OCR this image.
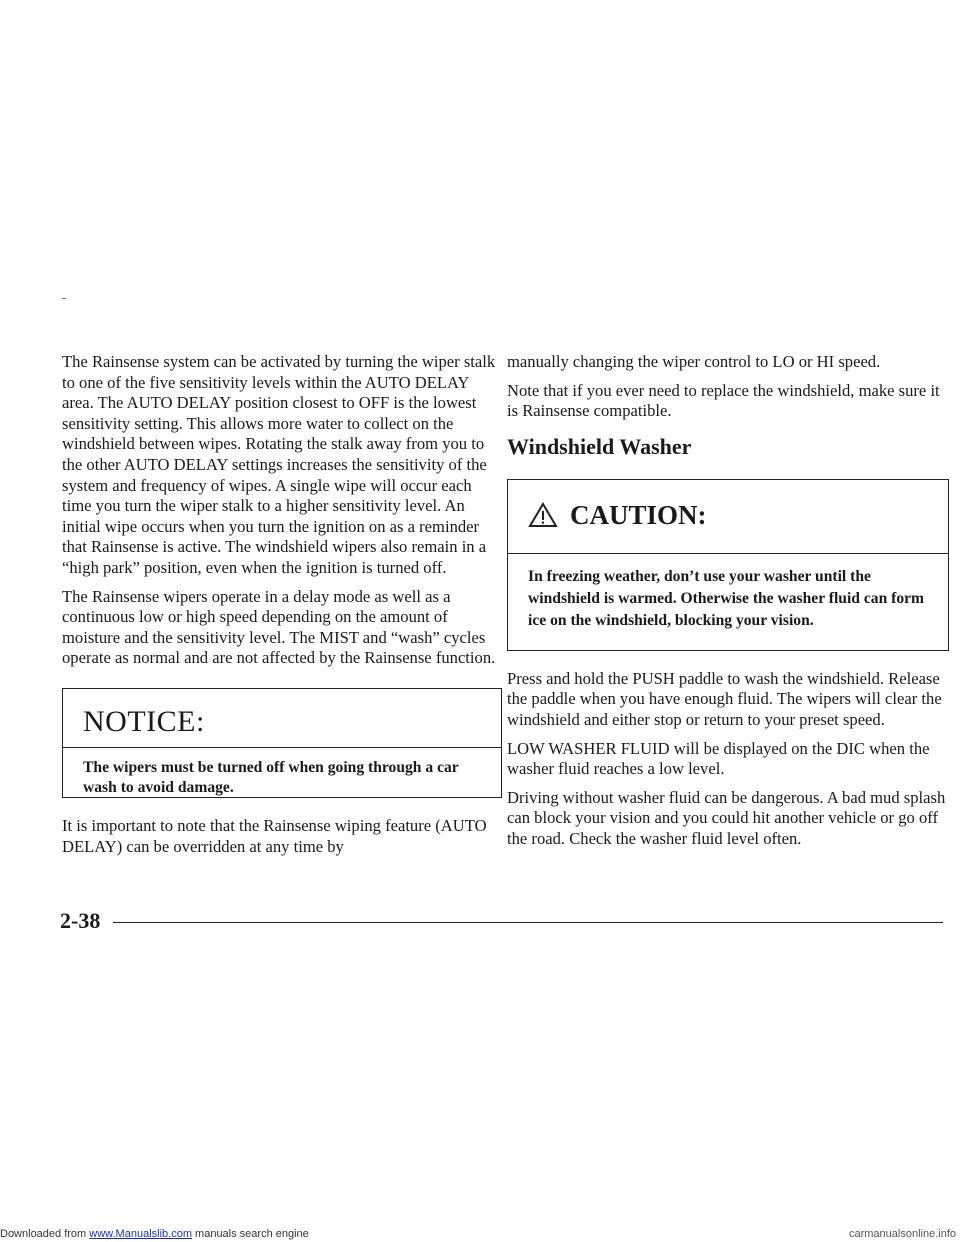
The Rainsense system can be activated by turning the wiper stalk to one of the five sensitivity levels within the AUTO DELAY area. The AUTO DELAY position closest to OFF is the lowest sensitivity setting. This allows more water to collect on the windshield between wipes. Rotating the stalk away from you to the other AUTO DELAY settings increases the sensitivity of the system and frequency of wipes. A single wipe will occur each time you turn the wiper stalk to a higher sensitivity level. An initial wipe occurs when you turn the ignition on as a reminder that Rainsense is active. The windshield wipers also remain in a “high park” position, even when the ignition is turned off.

The Rainsense wipers operate in a delay mode as well as a continuous low or high speed depending on the amount of moisture and the sensitivity level. The MIST and “wash” cycles operate as normal and are not affected by the Rainsense function.

NOTICE:
The wipers must be turned off when going through a car wash to avoid damage.

It is important to note that the Rainsense wiping feature (AUTO DELAY) can be overridden at any time by

manually changing the wiper control to LO or HI speed.

Note that if you ever need to replace the windshield, make sure it is Rainsense compatible.

Windshield Washer
CAUTION:
In freezing weather, don’t use your washer until the windshield is warmed. Otherwise the washer fluid can form ice on the windshield, blocking your vision.

Press and hold the PUSH paddle to wash the windshield. Release the paddle when you have enough fluid. The wipers will clear the windshield and either stop or return to your preset speed.

LOW WASHER FLUID will be displayed on the DIC when the washer fluid reaches a low level.

Driving without washer fluid can be dangerous. A bad mud splash can block your vision and you could hit another vehicle or go off the road. Check the washer fluid level often.

2-38
Downloaded from www.Manualslib.com manuals search engine	carmanualsonline.info
